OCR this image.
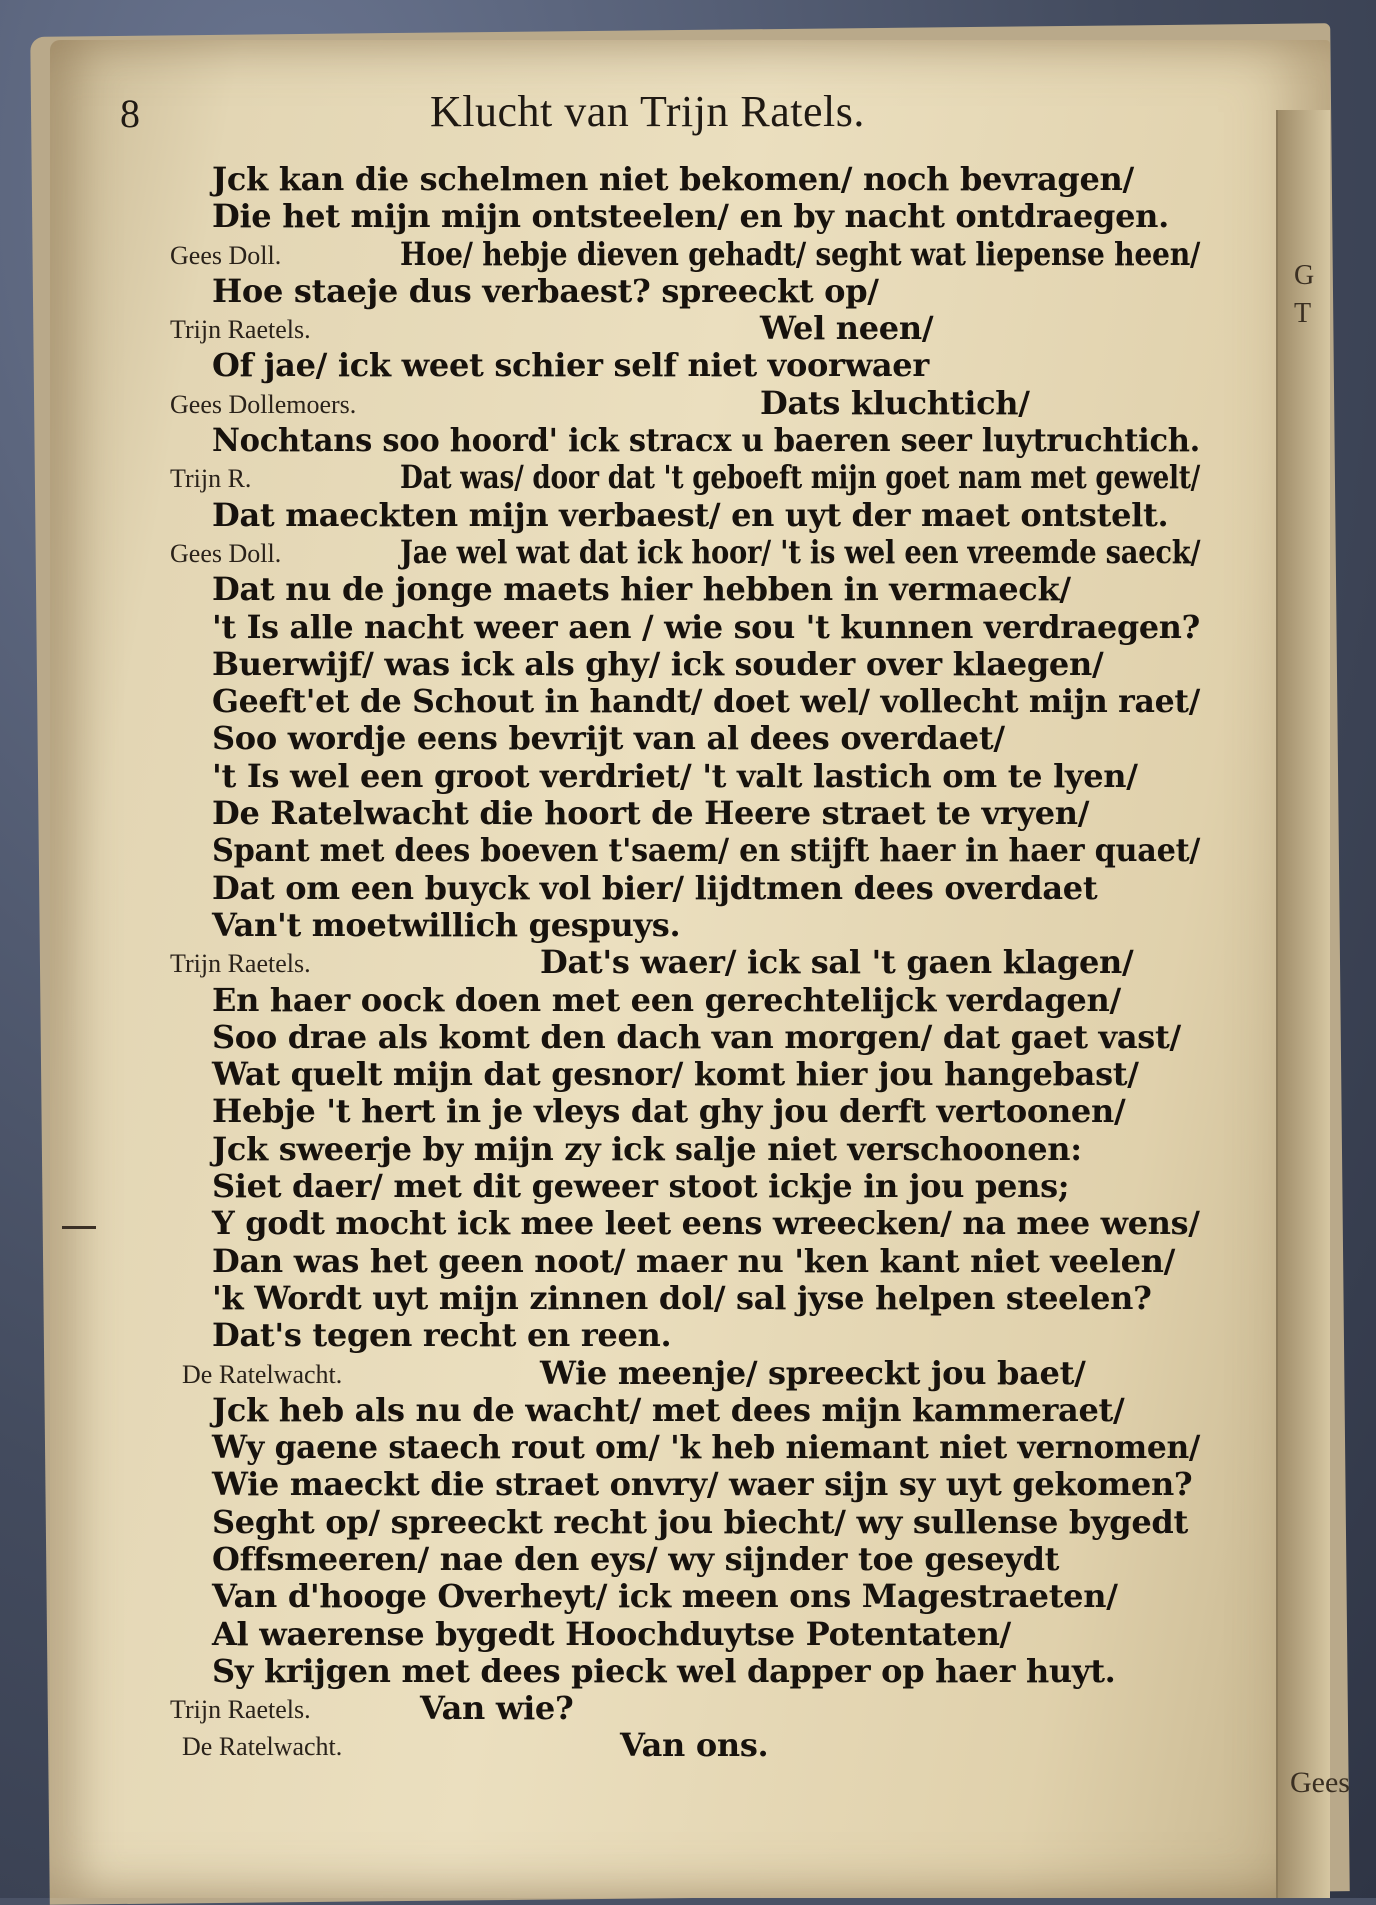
G
T
Gees
8	Klucht van Trijn Ratels.
Jck kan die schelmen niet bekomen/ noch bevragen/
Die het mijn mijn ontsteelen/ en by nacht ontdraegen.
Gees Doll.	Hoe/ hebje dieven gehadt/ seght wat liepense heen/
Hoe staeje dus verbaest? spreeckt op/
Trijn Raetels.	Wel neen/
Of jae/ ick weet schier self niet voorwaer
Gees Dollemoers.	Dats kluchtich/
Nochtans soo hoord' ick stracx u baeren seer luytruchtich.
Trijn R.	Dat was/ door dat 't geboeft mijn goet nam met gewelt/
Dat maeckten mijn verbaest/ en uyt der maet ontstelt.
Gees Doll.	Jae wel wat dat ick hoor/ 't is wel een vreemde saeck/
Dat nu de jonge maets hier hebben in vermaeck/
't Is alle nacht weer aen / wie sou 't kunnen verdraegen?
Buerwijf/ was ick als ghy/ ick souder over klaegen/
Geeft'et de Schout in handt/ doet wel/ vollecht mijn raet/
Soo wordje eens bevrijt van al dees overdaet/
't Is wel een groot verdriet/ 't valt lastich om te lyen/
De Ratelwacht die hoort de Heere straet te vryen/
Spant met dees boeven t'saem/ en stijft haer in haer quaet/
Dat om een buyck vol bier/ lijdtmen dees overdaet
Van't moetwillich gespuys.
Trijn Raetels.	Dat's waer/ ick sal 't gaen klagen/
En haer oock doen met een gerechtelijck verdagen/
Soo drae als komt den dach van morgen/ dat gaet vast/
Wat quelt mijn dat gesnor/ komt hier jou hangebast/
Hebje 't hert in je vleys dat ghy jou derft vertoonen/
Jck sweerje by mijn zy ick salje niet verschoonen:
Siet daer/ met dit geweer stoot ickje in jou pens;
Y godt mocht ick mee leet eens wreecken/ na mee wens/
Dan was het geen noot/ maer nu 'ken kant niet veelen/
'k Wordt uyt mijn zinnen dol/ sal jyse helpen steelen?
Dat's tegen recht en reen.
De Ratelwacht.	Wie meenje/ spreeckt jou baet/
Jck heb als nu de wacht/ met dees mijn kammeraet/
Wy gaene staech rout om/ 'k heb niemant niet vernomen/
Wie maeckt die straet onvry/ waer sijn sy uyt gekomen?
Seght op/ spreeckt recht jou biecht/ wy sullense bygedt
Offsmeeren/ nae den eys/ wy sijnder toe geseydt
Van d'hooge Overheyt/ ick meen ons Magestraeten/
Al waerense bygedt Hoochduytse Potentaten/
Sy krijgen met dees pieck wel dapper op haer huyt.
Trijn Raetels.	Van wie?
De Ratelwacht.	Van ons.
